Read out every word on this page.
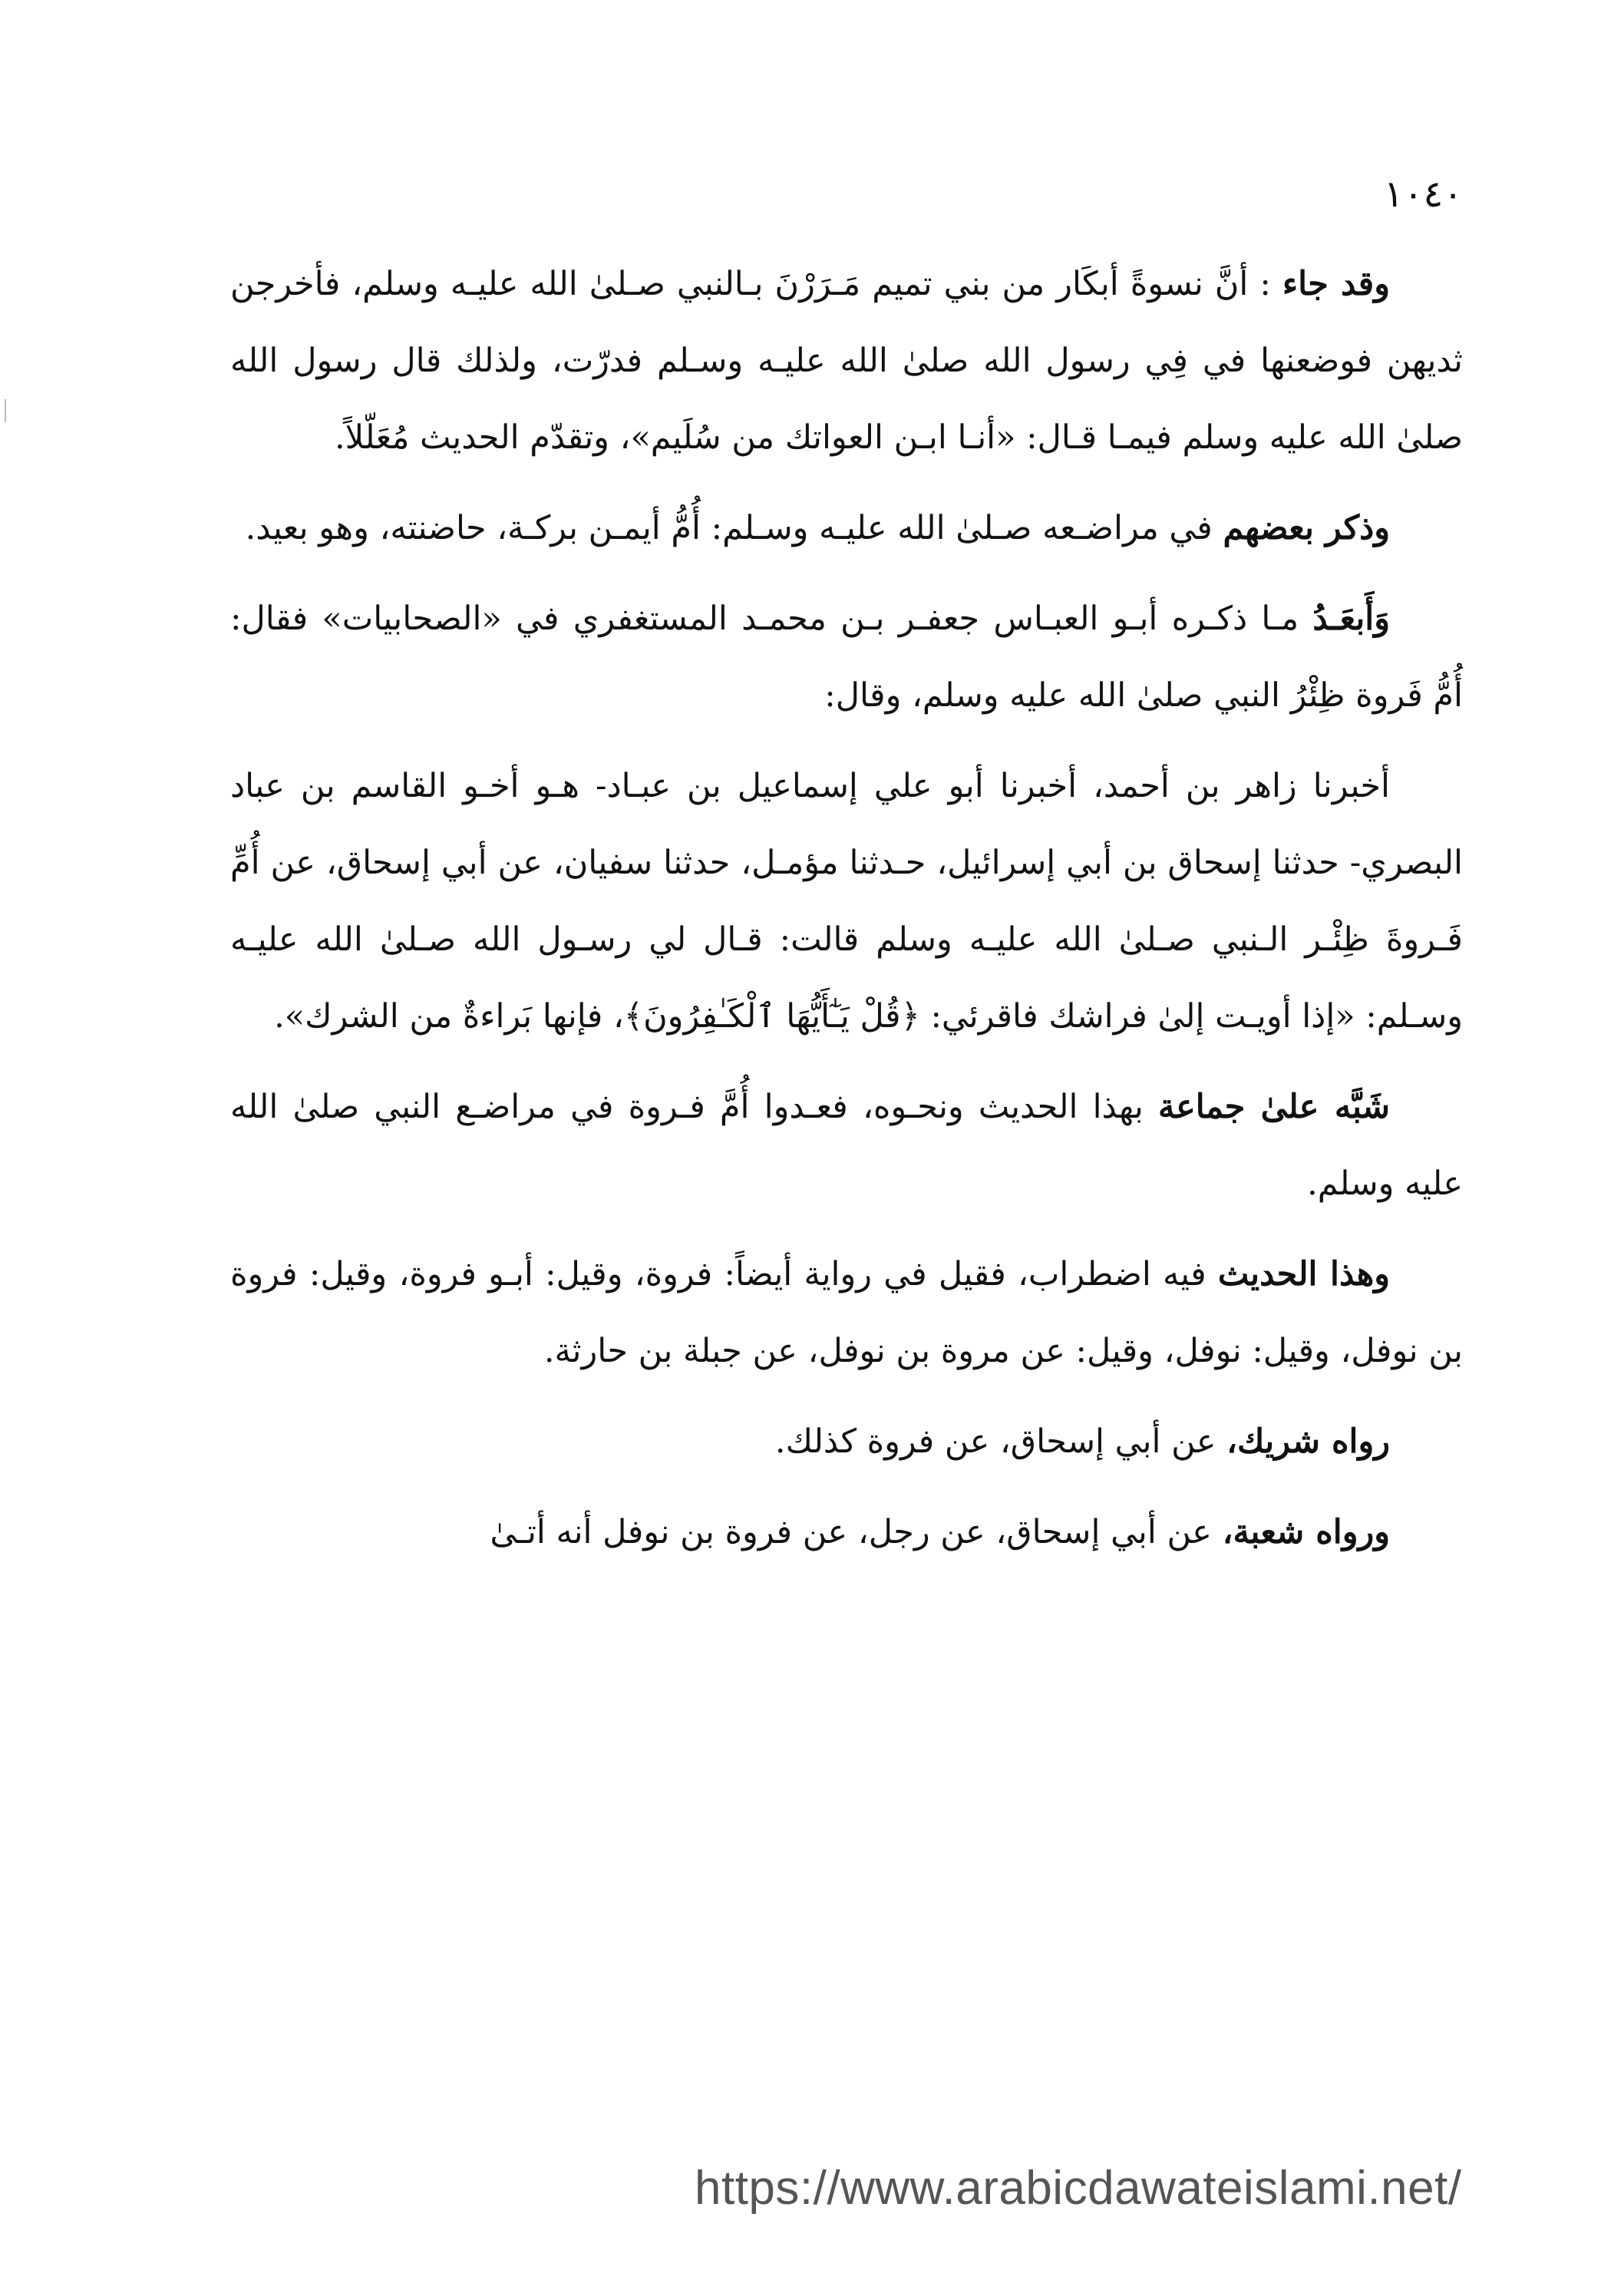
١٠٤٠

وقد جاء : أنَّ نسوةً أبكَار من بني تميم مَـرَرْنَ بـالنبي صـلىٰ الله عليـه وسلم، فأخرجن ثديهن فوضعنها في فِي رسول الله صلىٰ الله عليـه وسـلم فدرّت، ولذلك قال رسول الله صلىٰ الله عليه وسلم فيمـا قـال: «أنـا ابـن العواتك من سُلَيم»، وتقدّم الحديث مُعَلّلاً.

وذكر بعضهم في مراضـعه صـلىٰ الله عليـه وسـلم: أُمُّ أيمـن بركـة، حاضنته، وهو بعيد.

وَأَبعَـدُ مـا ذكـره أبـو العبـاس جعفـر بـن محمـد المستغفري في «الصحابيات» فقال: أُمُّ فَروة ظِئْرُ النبي صلىٰ الله عليه وسلم، وقال:

أخبرنا زاهر بن أحمد، أخبرنا أبو علي إسماعيل بن عبـاد- هـو أخـو القاسم بن عباد البصري- حدثنا إسحاق بن أبي إسرائيل، حـدثنا مؤمـل، حدثنا سفيان، عن أبي إسحاق، عن أُمِّ فَـروةَ ظِئْـر الـنبي صـلىٰ الله عليـه وسلم قالت: قـال لي رسـول الله صـلىٰ الله عليـه وسـلم: «إذا أويـت إلىٰ فراشك فاقرئي: ﴿قُلْ يَـٰٓأَيُّهَا ٱلْكَـٰفِرُونَ﴾، فإنها بَراءةٌ من الشرك».

شَبَّه علىٰ جماعة بهذا الحديث ونحـوه، فعـدوا أُمَّ فـروة في مراضـع النبي صلىٰ الله عليه وسلم.

وهذا الحديث فيه اضطراب، فقيل في رواية أيضاً: فروة، وقيل: أبـو فروة، وقيل: فروة بن نوفل، وقيل: نوفل، وقيل: عن مروة بن نوفل، عن جبلة بن حارثة.

رواه شريك، عن أبي إسحاق، عن فروة كذلك.

ورواه شعبة، عن أبي إسحاق، عن رجل، عن فروة بن نوفل أنه أتـىٰ

https://www.arabicdawateislami.net/
